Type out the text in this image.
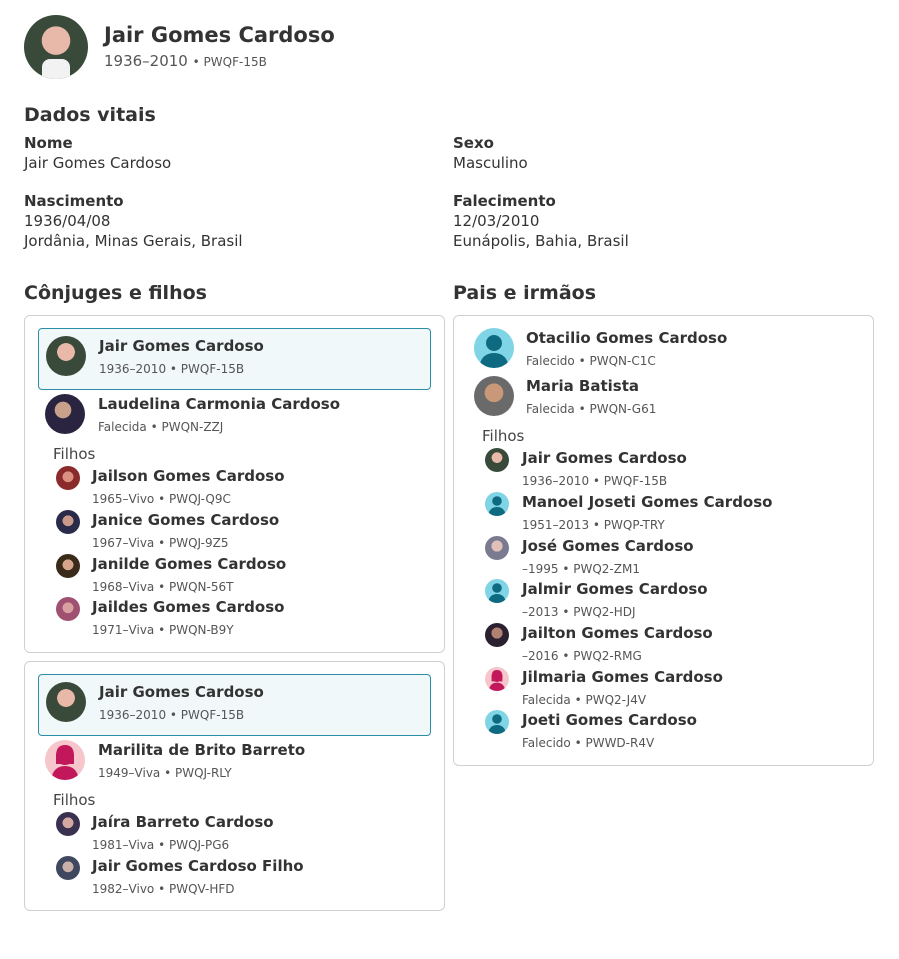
Jair Gomes Cardoso
1936–2010 • PWQF-15B
Dados vitais
Nome
Jair Gomes Cardoso
Sexo
Masculino
Nascimento
1936/04/08
Jordânia, Minas Gerais, Brasil
Falecimento
12/03/2010
Eunápolis, Bahia, Brasil
Cônjuges e filhos
Jair Gomes Cardoso
1936–2010 • PWQF-15B
Laudelina Carmonia Cardoso
Falecida • PWQN-ZZJ
Filhos
Jailson Gomes Cardoso
1965–Vivo • PWQJ-Q9C
Janice Gomes Cardoso
1967–Viva • PWQJ-9Z5
Janilde Gomes Cardoso
1968–Viva • PWQN-56T
Jaildes Gomes Cardoso
1971–Viva • PWQN-B9Y
Jair Gomes Cardoso
1936–2010 • PWQF-15B
Marilita de Brito Barreto
1949–Viva • PWQJ-RLY
Filhos
Jaíra Barreto Cardoso
1981–Viva • PWQJ-PG6
Jair Gomes Cardoso Filho
1982–Vivo • PWQV-HFD
Pais e irmãos
Otacilio Gomes Cardoso
Falecido • PWQN-C1C
Maria Batista
Falecida • PWQN-G61
Filhos
Jair Gomes Cardoso
1936–2010 • PWQF-15B
Manoel Joseti Gomes Cardoso
1951–2013 • PWQP-TRY
José Gomes Cardoso
–1995 • PWQ2-ZM1
Jalmir Gomes Cardoso
–2013 • PWQ2-HDJ
Jailton Gomes Cardoso
–2016 • PWQ2-RMG
Jilmaria Gomes Cardoso
Falecida • PWQ2-J4V
Joeti Gomes Cardoso
Falecido • PWWD-R4V
